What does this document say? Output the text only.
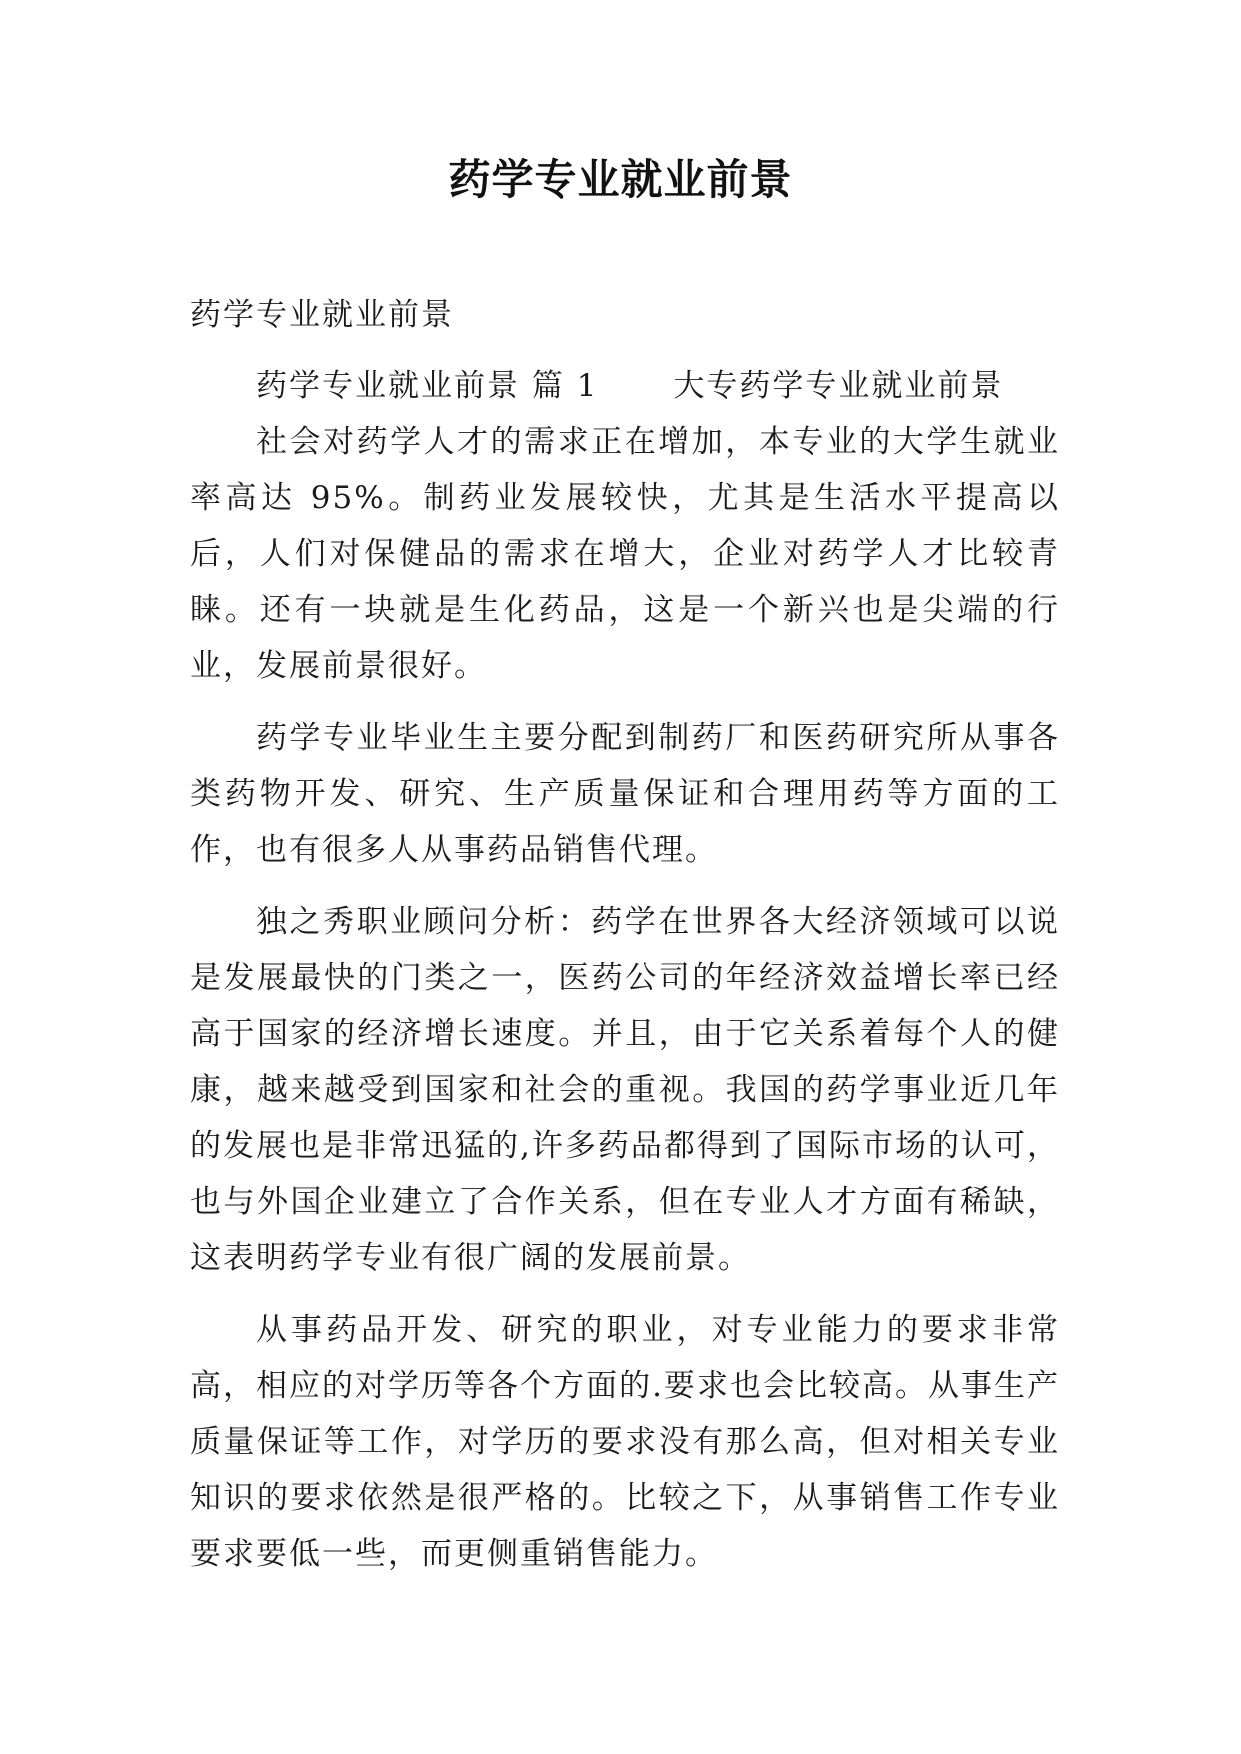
药学专业就业前景

药学专业就业前景

药学专业就业前景 篇 1 大专药学专业就业前景

社会对药学人才的需求正在增加，本专业的大学生就业率高达 95%。制药业发展较快，尤其是生活水平提高以后，人们对保健品的需求在增大，企业对药学人才比较青睐。还有一块就是生化药品，这是一个新兴也是尖端的行业，发展前景很好。

药学专业毕业生主要分配到制药厂和医药研究所从事各类药物开发、研究、生产质量保证和合理用药等方面的工作，也有很多人从事药品销售代理。

独之秀职业顾问分析：药学在世界各大经济领域可以说是发展最快的门类之一，医药公司的年经济效益增长率已经高于国家的经济增长速度。并且，由于它关系着每个人的健康，越来越受到国家和社会的重视。我国的药学事业近几年的发展也是非常迅猛的,许多药品都得到了国际市场的认可，也与外国企业建立了合作关系，但在专业人才方面有稀缺，这表明药学专业有很广阔的发展前景。

从事药品开发、研究的职业，对专业能力的要求非常高，相应的对学历等各个方面的.要求也会比较高。从事生产质量保证等工作，对学历的要求没有那么高，但对相关专业知识的要求依然是很严格的。比较之下，从事销售工作专业要求要低一些，而更侧重销售能力。
